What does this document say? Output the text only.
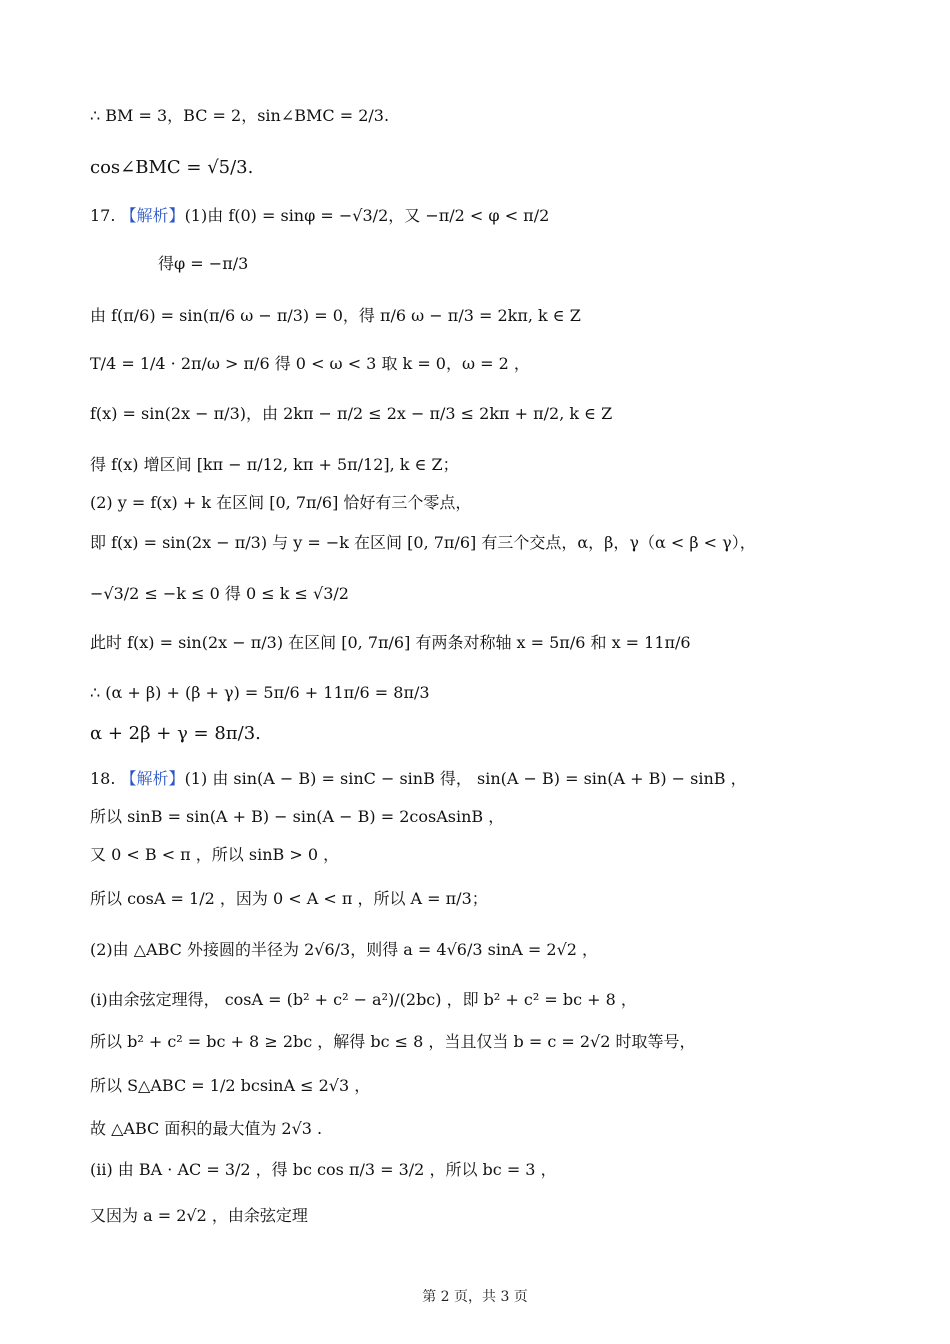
∴ BM = 3，BC = 2，sin∠BMC = 2/3.
cos∠BMC = √5/3.
17. 【解析】(1)由 f(0) = sinφ = −√3/2，又 −π/2 < φ < π/2
得φ = −π/3
由 f(π/6) = sin(π/6 ω − π/3) = 0，得 π/6 ω − π/3 = 2kπ, k ∈ Z
T/4 = 1/4 · 2π/ω > π/6 得 0 < ω < 3 取 k = 0，ω = 2 ，
f(x) = sin(2x − π/3)，由 2kπ − π/2 ≤ 2x − π/3 ≤ 2kπ + π/2, k ∈ Z
得 f(x) 增区间 [kπ − π/12, kπ + 5π/12], k ∈ Z；
(2) y = f(x) + k 在区间 [0, 7π/6] 恰好有三个零点，
即 f(x) = sin(2x − π/3) 与 y = −k 在区间 [0, 7π/6] 有三个交点，α，β，γ（α < β < γ），
−√3/2 ≤ −k ≤ 0 得 0 ≤ k ≤ √3/2
此时 f(x) = sin(2x − π/3) 在区间 [0, 7π/6] 有两条对称轴 x = 5π/6 和 x = 11π/6
∴ (α + β) + (β + γ) = 5π/6 + 11π/6 = 8π/3
α + 2β + γ = 8π/3.
18. 【解析】(1) 由 sin(A − B) = sinC − sinB 得， sin(A − B) = sin(A + B) − sinB ，
所以 sinB = sin(A + B) − sin(A − B) = 2cosAsinB ，
又 0 < B < π ，所以 sinB > 0 ，
所以 cosA = 1/2 ，因为 0 < A < π ，所以 A = π/3；
(2)由 △ABC 外接圆的半径为 2√6/3，则得 a = 4√6/3 sinA = 2√2 ，
(i)由余弦定理得， cosA = (b² + c² − a²)/(2bc) ，即 b² + c² = bc + 8 ，
所以 b² + c² = bc + 8 ≥ 2bc ，解得 bc ≤ 8 ，当且仅当 b = c = 2√2 时取等号，
所以 S△ABC = 1/2 bcsinA ≤ 2√3 ，
故 △ABC 面积的最大值为 2√3 .
(ii) 由 BA · AC = 3/2 ，得 bc cos π/3 = 3/2 ，所以 bc = 3 ，
又因为 a = 2√2 ，由余弦定理
第 2 页，共 3 页
